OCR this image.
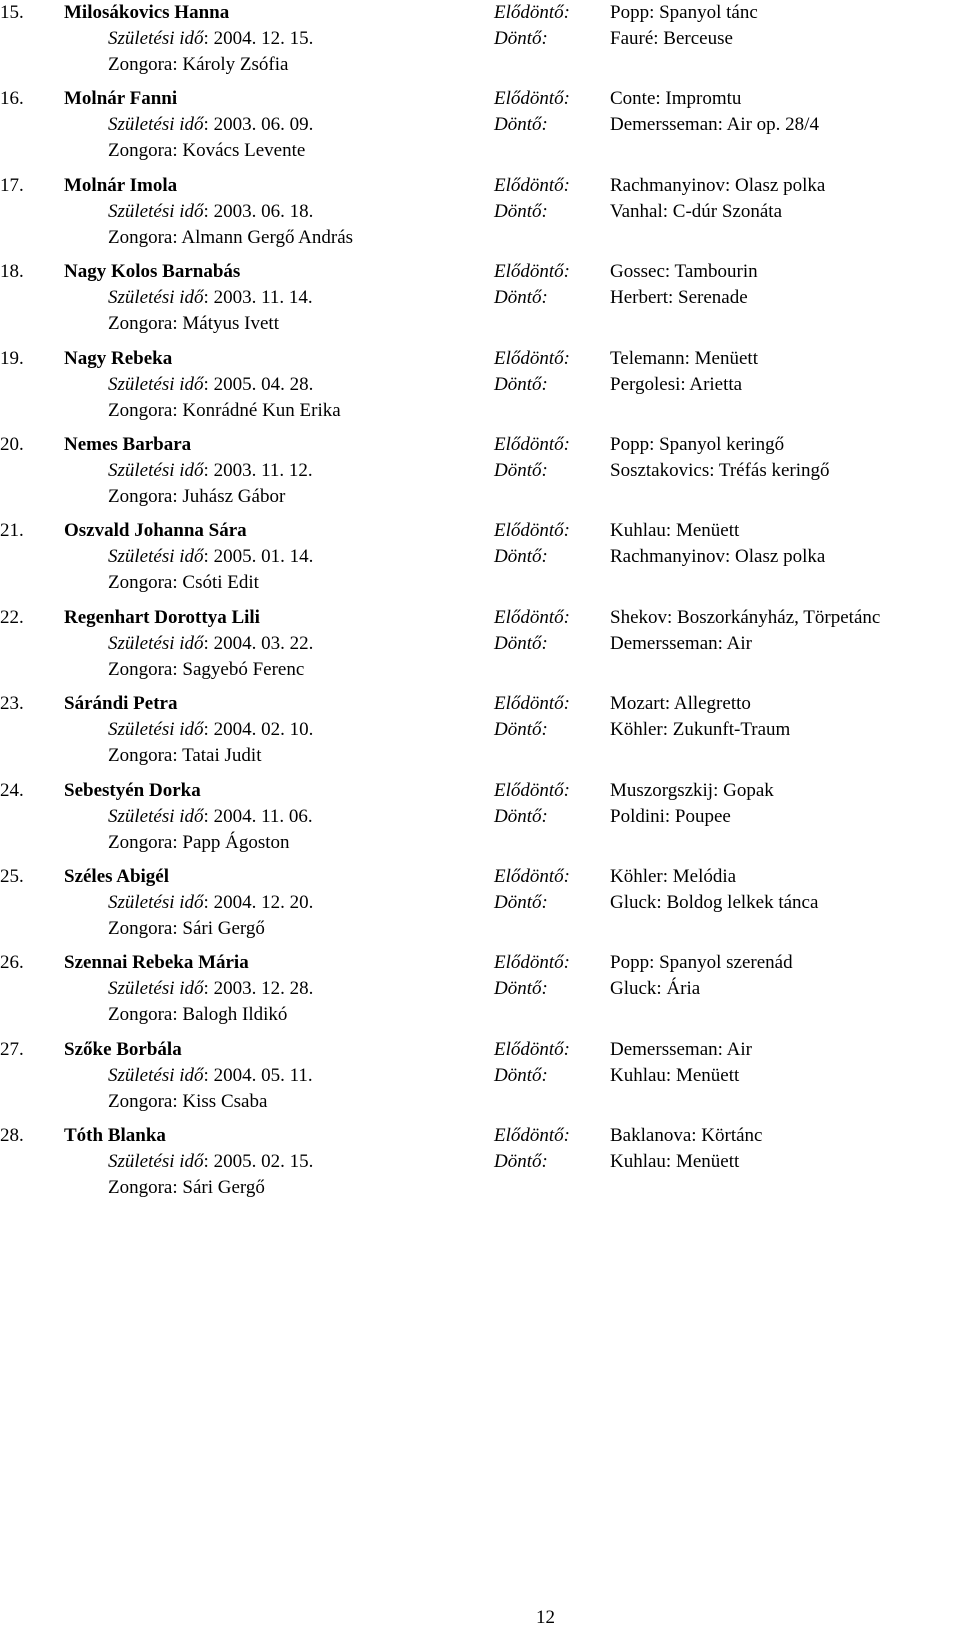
15. Milosákovics Hanna
Születési idő: 2004. 12. 15.
Zongora: Károly Zsófia
Elődöntő: Popp: Spanyol tánc
Döntő:	Fauré: Berceuse
16. Molnár Fanni
Születési idő: 2003. 06. 09.
Zongora: Kovács Levente
Elődöntő: Conte: Impromtu
Döntő:	Demersseman: Air op. 28/4
17. Molnár Imola
Születési idő: 2003. 06. 18.
Zongora: Almann Gergő András
Elődöntő: Rachmanyinov: Olasz polka
Döntő:	Vanhal: C-dúr Szonáta
18. Nagy Kolos Barnabás
Születési idő: 2003. 11. 14.
Zongora: Mátyus Ivett
Elődöntő: Gossec: Tambourin
Döntő:	Herbert: Serenade
19. Nagy Rebeka
Születési idő: 2005. 04. 28.
Zongora: Konrádné Kun Erika
Elődöntő: Telemann: Menüett
Döntő:	Pergolesi: Arietta
20. Nemes Barbara
Születési idő: 2003. 11. 12.
Zongora: Juhász Gábor
Elődöntő: Popp: Spanyol keringő
Döntő:	Sosztakovics: Tréfás keringő
21. Oszvald Johanna Sára
Születési idő: 2005. 01. 14.
Zongora: Csóti Edit
Elődöntő: Kuhlau: Menüett
Döntő:	Rachmanyinov: Olasz polka
22. Regenhart Dorottya Lili
Születési idő: 2004. 03. 22.
Zongora: Sagyebó Ferenc
Elődöntő: Shekov: Boszorkányház, Törpetánc
Döntő:	Demersseman: Air
23. Sárándi Petra
Születési idő: 2004. 02. 10.
Zongora: Tatai Judit
Elődöntő: Mozart: Allegretto
Döntő:	Köhler: Zukunft-Traum
24. Sebestyén Dorka
Születési idő: 2004. 11. 06.
Zongora: Papp Ágoston
Elődöntő: Muszorgszkij: Gopak
Döntő:	Poldini: Poupee
25. Széles Abigél
Születési idő: 2004. 12. 20.
Zongora: Sári Gergő
Elődöntő: Köhler: Melódia
Döntő:	Gluck: Boldog lelkek tánca
26. Szennai Rebeka Mária
Születési idő: 2003. 12. 28.
Zongora: Balogh Ildikó
Elődöntő: Popp: Spanyol szerenád
Döntő:	Gluck: Ária
27. Szőke Borbála
Születési idő: 2004. 05. 11.
Zongora: Kiss Csaba
Elődöntő: Demersseman: Air
Döntő:	Kuhlau: Menüett
28. Tóth Blanka
Születési idő: 2005. 02. 15.
Zongora: Sári Gergő
Elődöntő: Baklanova: Körtánc
Döntő:	Kuhlau: Menüett
12
